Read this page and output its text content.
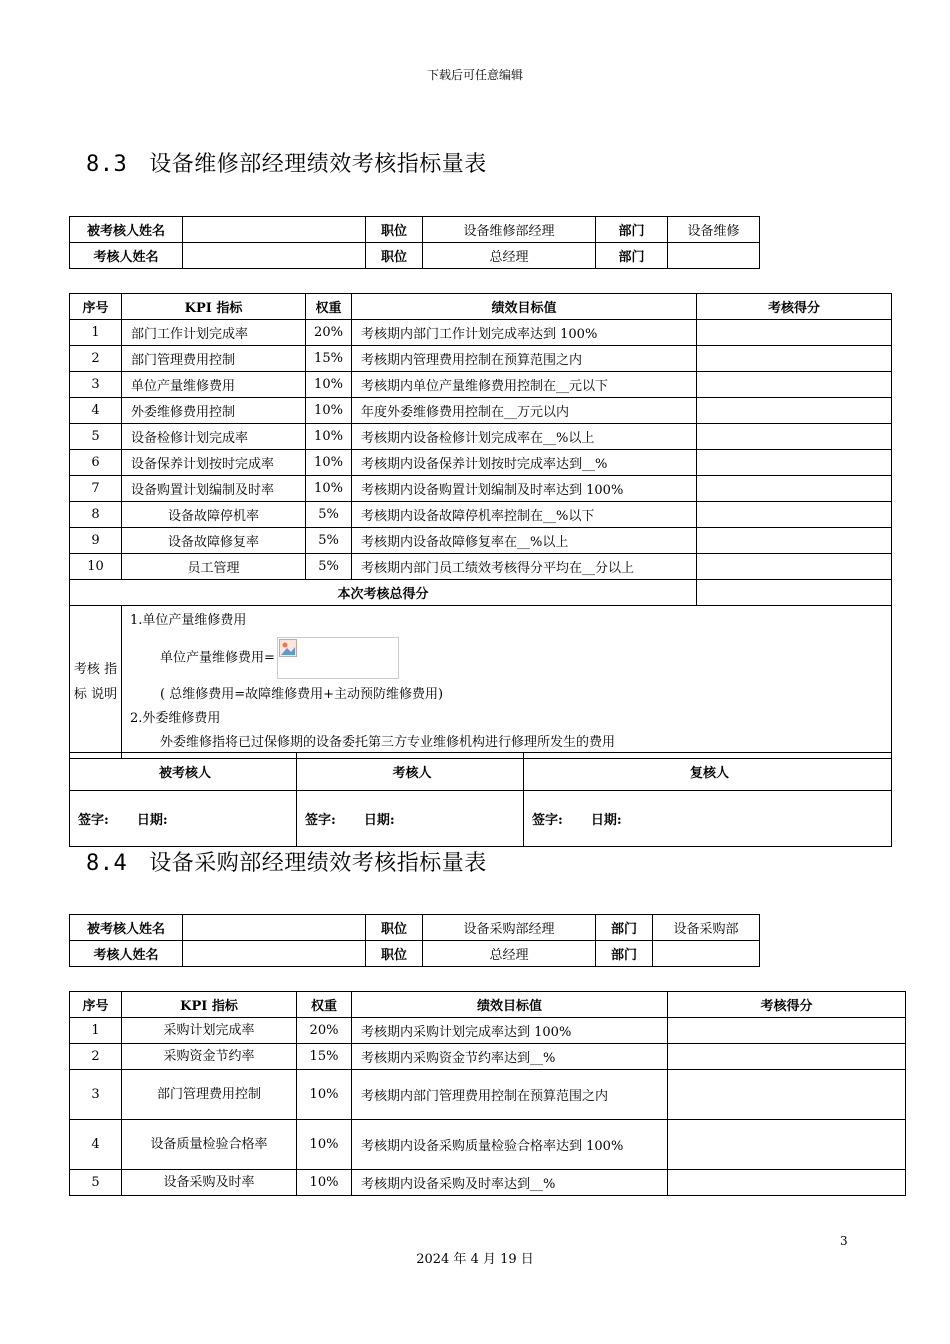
下载后可任意编辑
8.3 设备维修部经理绩效考核指标量表
被考核人姓名		职位	设备维修部经理	部门	设备维修
考核人姓名		职位	总经理	部门	
序号	KPI 指标	权重	绩效目标值	考核得分
1	部门工作计划完成率	20%	考核期内部门工作计划完成率达到 100%	
2	部门管理费用控制	15%	考核期内管理费用控制在预算范围之内	
3	单位产量维修费用	10%	考核期内单位产量维修费用控制在__元以下	
4	外委维修费用控制	10%	年度外委维修费用控制在__万元以内	
5	设备检修计划完成率	10%	考核期内设备检修计划完成率在__%以上	
6	设备保养计划按时完成率	10%	考核期内设备保养计划按时完成率达到__%	
7	设备购置计划编制及时率	10%	考核期内设备购置计划编制及时率达到 100%	
8	设备故障停机率	5%	考核期内设备故障停机率控制在__%以下	
9	设备故障修复率	5%	考核期内设备故障修复率在__%以上	
10	员工管理	5%	考核期内部门员工绩效考核得分平均在__分以上	
本次考核总得分				
考核 指标 说明	1.单位产量维修费用
单位产量维修费用=
( 总维修费用=故障维修费用+主动预防维修费用)
2.外委维修费用
外委维修指将已过保修期的设备委托第三方专业维修机构进行修理所发生的费用			
被考核人	考核人	复核人
签字: 日期:	签字: 日期:	签字: 日期:
8.4 设备采购部经理绩效考核指标量表
被考核人姓名		职位	设备采购部经理	部门	设备采购部
考核人姓名		职位	总经理	部门	
序号	KPI 指标	权重	绩效目标值	考核得分
1	采购计划完成率	20%	考核期内采购计划完成率达到 100%	
2	采购资金节约率	15%	考核期内采购资金节约率达到__%	
3	部门管理费用控制	10%	考核期内部门管理费用控制在预算范围之内	
4	设备质量检验合格率	10%	考核期内设备采购质量检验合格率达到 100%	
5	设备采购及时率	10%	考核期内设备采购及时率达到__%	
3
2024 年 4 月 19 日
